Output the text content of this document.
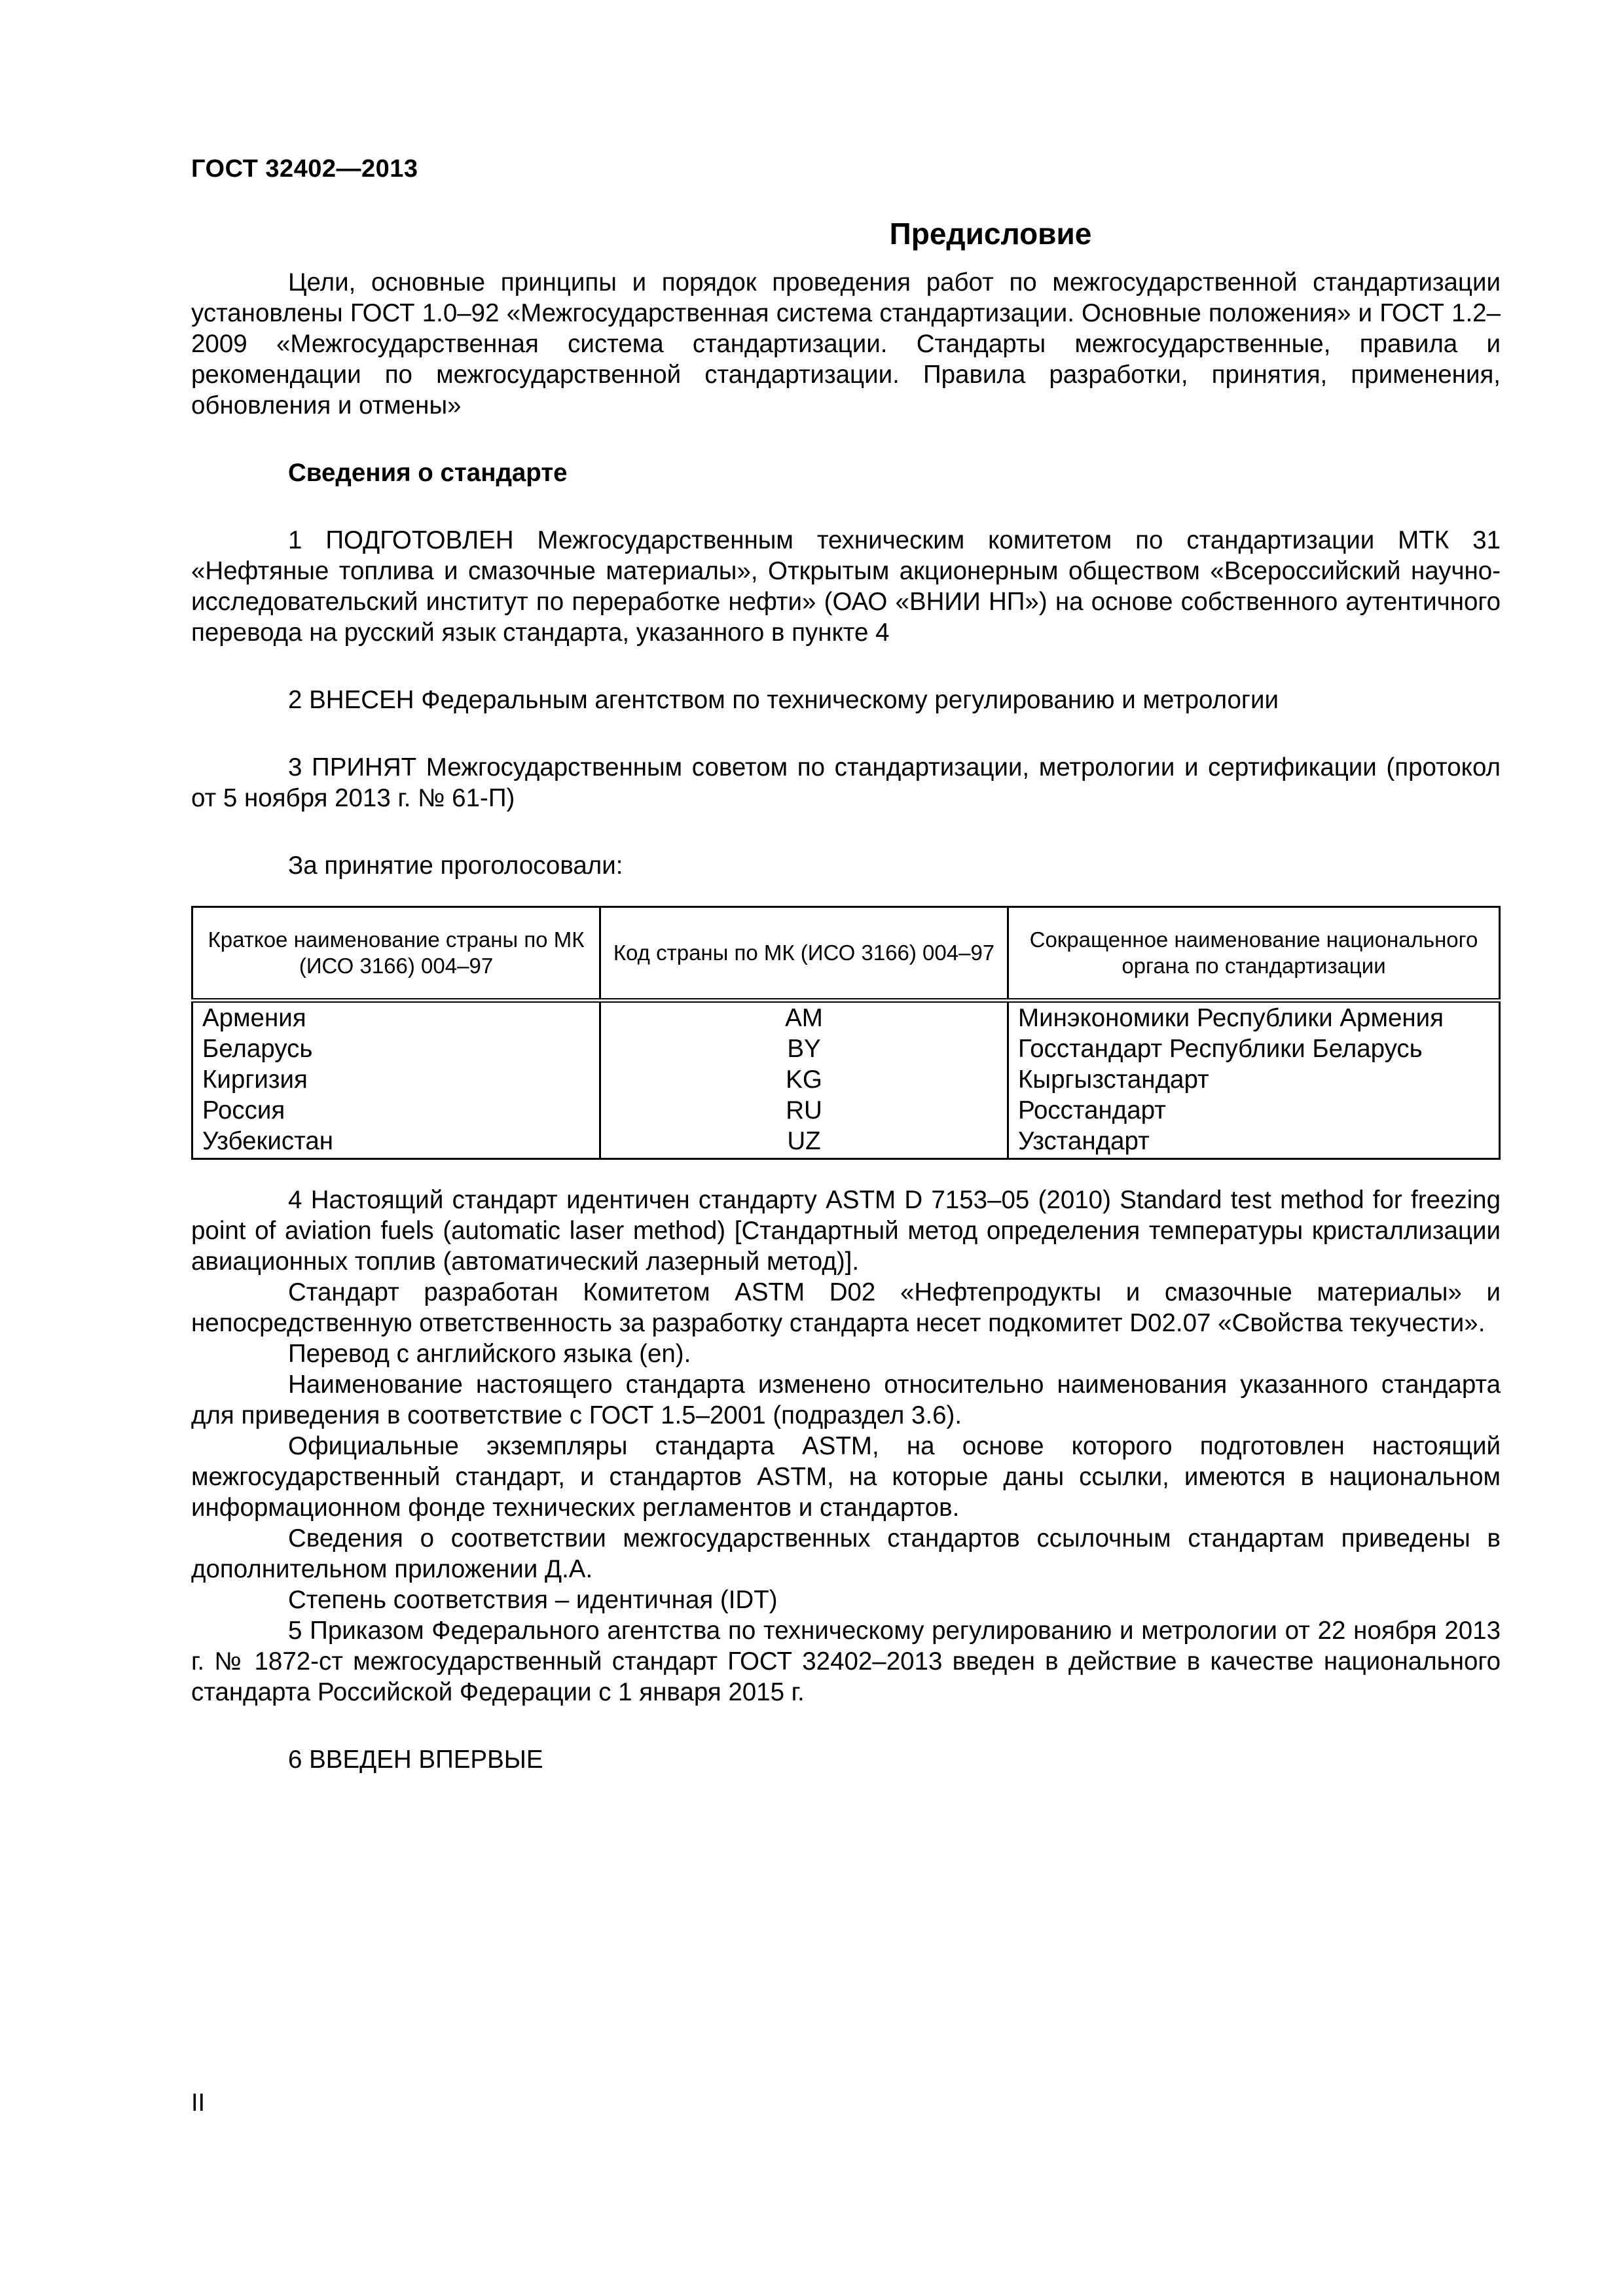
ГОСТ 32402—2013
Предисловие

Цели, основные принципы и порядок проведения работ по межгосударственной стандартизации установлены ГОСТ 1.0–92 «Межгосударственная система стандартизации. Основные положения» и ГОСТ 1.2–2009 «Межгосударственная система стандартизации. Стандарты межгосударственные, правила и рекомендации по межгосударственной стандартизации. Правила разработки, принятия, применения, обновления и отмены»

Сведения о стандарте

1 ПОДГОТОВЛЕН Межгосударственным техническим комитетом по стандартизации МТК 31 «Нефтяные топлива и смазочные материалы», Открытым акционерным обществом «Всероссийский научно-исследовательский институт по переработке нефти» (ОАО «ВНИИ НП») на основе собственного аутентичного перевода на русский язык стандарта, указанного в пункте 4

2 ВНЕСЕН Федеральным агентством по техническому регулированию и метрологии

3 ПРИНЯТ Межгосударственным советом по стандартизации, метрологии и сертификации (протокол от 5 ноября 2013 г. № 61-П)

За принятие проголосовали:

Краткое наименование страны по МК (ИСО 3166) 004–97	Код страны по МК (ИСО 3166) 004–97	Сокращенное наименование национального органа по стандартизации
Армения	AM	Минэкономики Республики Армения
Беларусь	BY	Госстандарт Республики Беларусь
Киргизия	KG	Кыргызстандарт
Россия	RU	Росстандарт
Узбекистан	UZ	Узстандарт

4 Настоящий стандарт идентичен стандарту ASTM D 7153–05 (2010) Standard test method for freezing point of aviation fuels (automatic laser method) [Стандартный метод определения температуры кристаллизации авиационных топлив (автоматический лазерный метод)].

Стандарт разработан Комитетом ASTM D02 «Нефтепродукты и смазочные материалы» и непосредственную ответственность за разработку стандарта несет подкомитет D02.07 «Свойства текучести».

Перевод с английского языка (en).

Наименование настоящего стандарта изменено относительно наименования указанного стандарта для приведения в соответствие с ГОСТ 1.5–2001 (подраздел 3.6).

Официальные экземпляры стандарта ASTM, на основе которого подготовлен настоящий межгосударственный стандарт, и стандартов ASTM, на которые даны ссылки, имеются в национальном информационном фонде технических регламентов и стандартов.

Сведения о соответствии межгосударственных стандартов ссылочным стандартам приведены в дополнительном приложении Д.А.

Степень соответствия – идентичная (IDT)

5 Приказом Федерального агентства по техническому регулированию и метрологии от 22 ноября 2013 г. № 1872-ст межгосударственный стандарт ГОСТ 32402–2013 введен в действие в качестве национального стандарта Российской Федерации с 1 января 2015 г.

6 ВВЕДЕН ВПЕРВЫЕ

II
